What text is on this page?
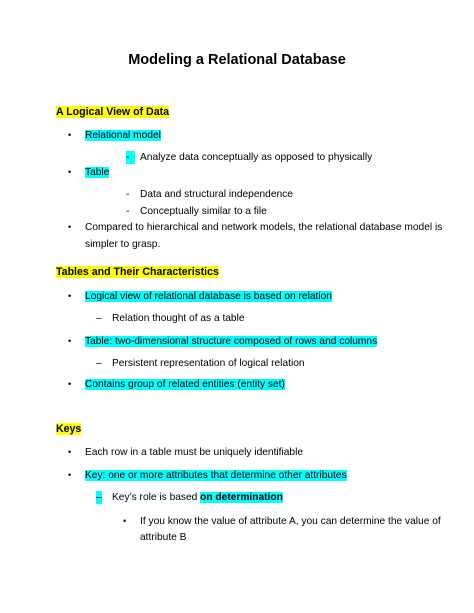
Modeling a Relational Database
A Logical View of Data
• Relational model
-	Analyze data conceptually as opposed to physically
• Table
- Data and structural independence
- Conceptually similar to a file
• Compared to hierarchical and network models, the relational database model is
simpler to grasp.
Tables and Their Characteristics
• Logical view of relational database is based on relation
– Relation thought of as a table
• Table: two-dimensional structure composed of rows and columns
– Persistent representation of logical relation
• Contains group of related entities (entity set)
Keys
• Each row in a table must be uniquely identifiable
• Key: one or more attributes that determine other attributes
– Key’s role is based on determination
• If you know the value of attribute A, you can determine the value of
attribute B
